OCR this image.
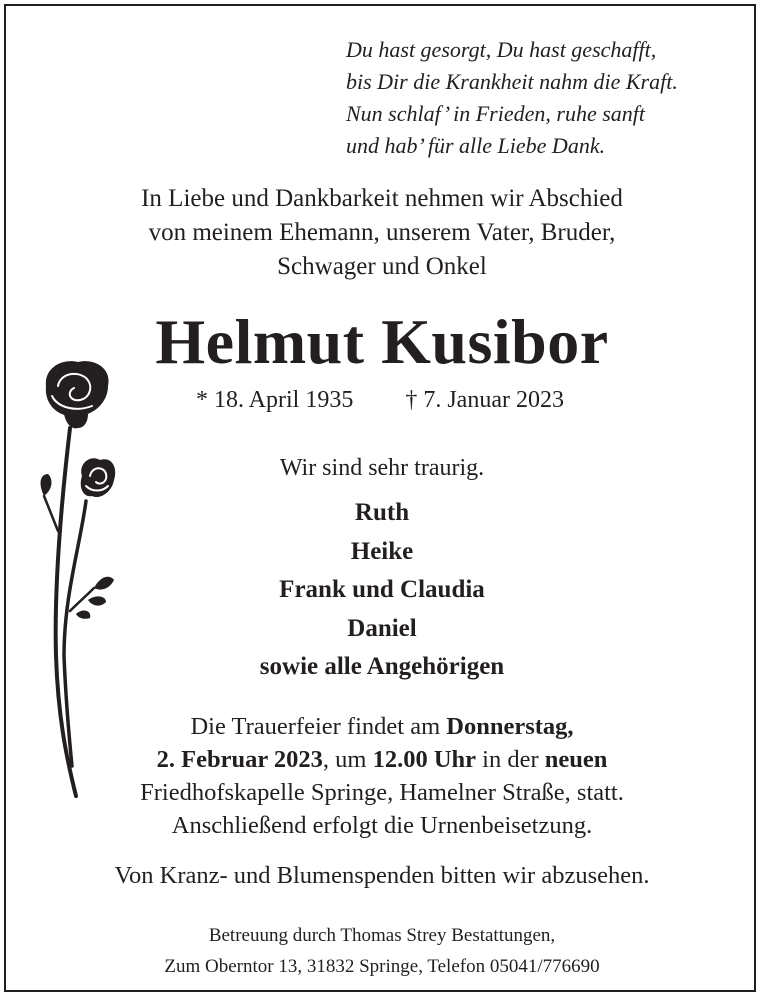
Du hast gesorgt, Du hast geschafft,
bis Dir die Krankheit nahm die Kraft.
Nun schlaf’ in Frieden, ruhe sanft
und hab’ für alle Liebe Dank.
In Liebe und Dankbarkeit nehmen wir Abschied
von meinem Ehemann, unserem Vater, Bruder,
Schwager und Onkel
Helmut Kusibor
* 18. April 1935 † 7. Januar 2023
Wir sind sehr traurig.
Ruth
Heike
Frank und Claudia
Daniel
sowie alle Angehörigen
Die Trauerfeier findet am Donnerstag,
2. Februar 2023, um 12.00 Uhr in der neuen
Friedhofskapelle Springe, Hamelner Straße, statt.
Anschließend erfolgt die Urnenbeisetzung.
Von Kranz- und Blumenspenden bitten wir abzusehen.
Betreuung durch Thomas Strey Bestattungen,
Zum Oberntor 13, 31832 Springe, Telefon 05041/776690
